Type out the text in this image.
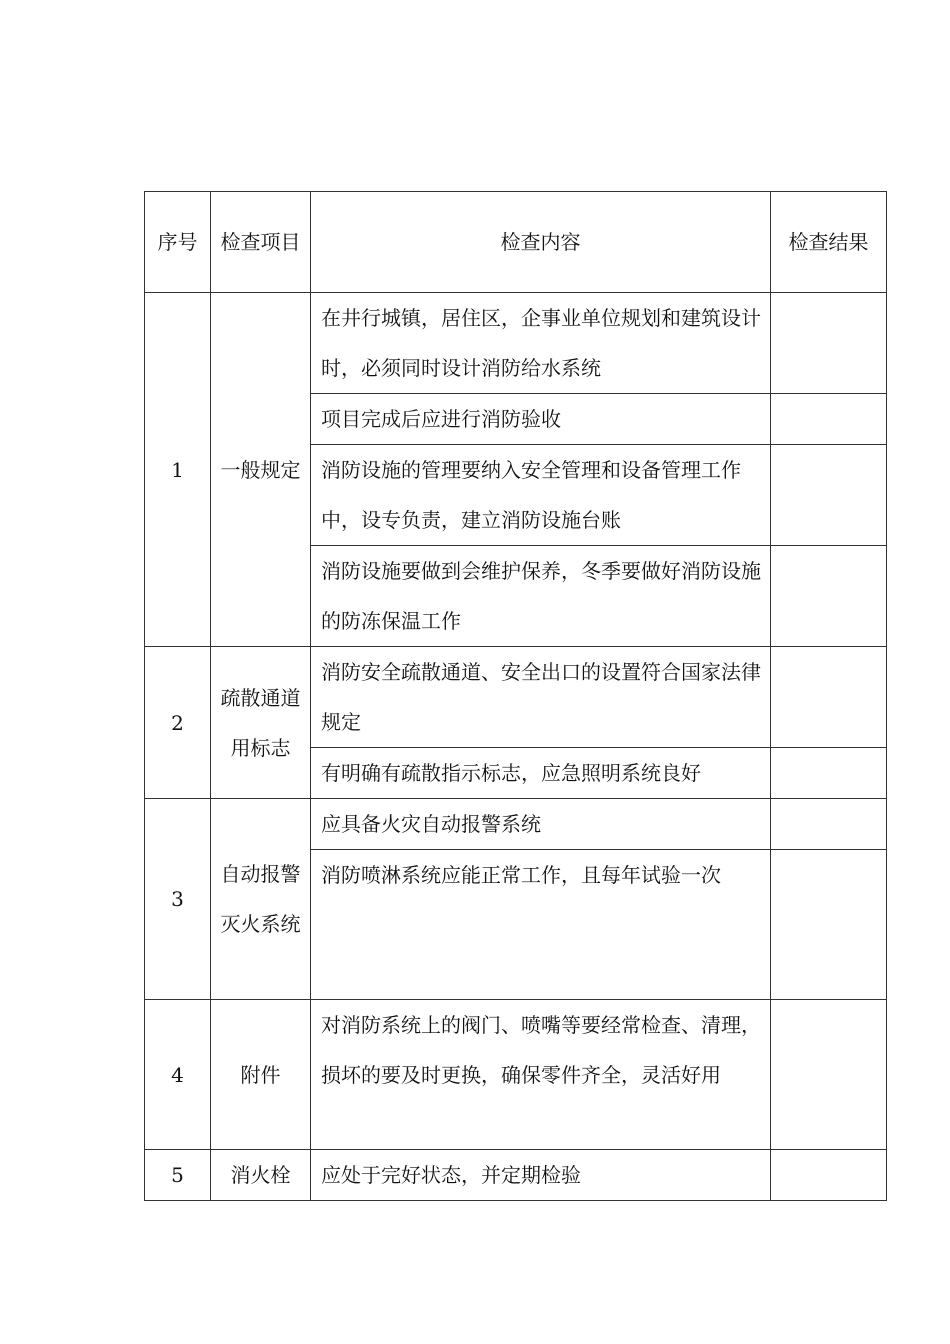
序号	检查项目	检查内容	检查结果
1	一般规定	在井行城镇，居住区，企事业单位规划和建筑设计时，必须同时设计消防给水系统	
		项目完成后应进行消防验收	
		消防设施的管理要纳入安全管理和设备管理工作中，设专负责，建立消防设施台账	
		消防设施要做到会维护保养，冬季要做好消防设施的防冻保温工作	
2	疏散通道用标志	消防安全疏散通道、安全出口的设置符合国家法律规定	
		有明确有疏散指示标志，应急照明系统良好	
3	自动报警灭火系统	应具备火灾自动报警系统	
		消防喷淋系统应能正常工作，且每年试验一次	
4	附件	对消防系统上的阀门、喷嘴等要经常检查、清理，损坏的要及时更换，确保零件齐全，灵活好用	
5	消火栓	应处于完好状态，并定期检验	
